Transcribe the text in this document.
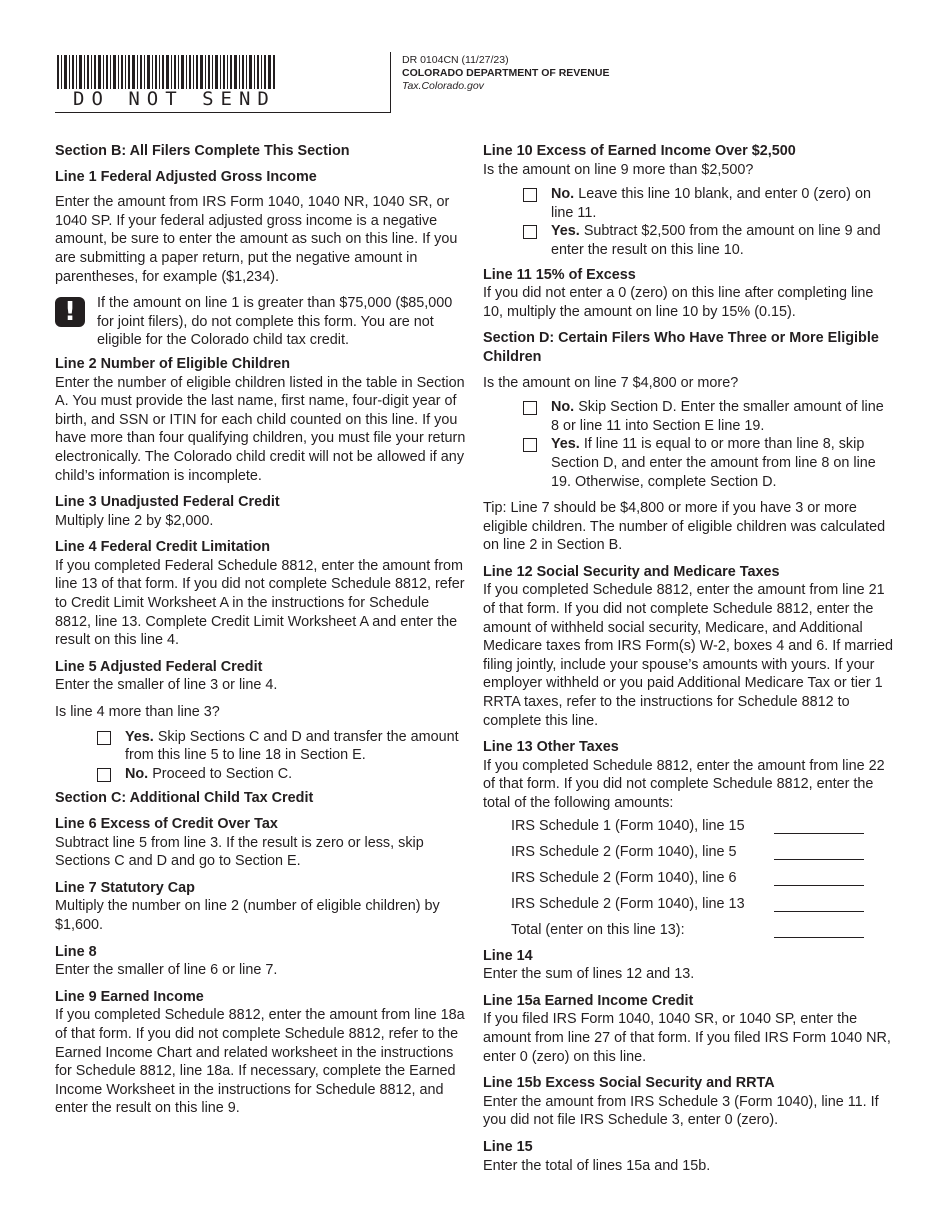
DO NOT SEND
DR 0104CN (11/27/23)
COLORADO DEPARTMENT OF REVENUE
Tax.Colorado.gov

Section B: All Filers Complete This Section

Line 1 Federal Adjusted Gross Income

Enter the amount from IRS Form 1040, 1040 NR, 1040 SR, or 1040 SP. If your federal adjusted gross income is a negative amount, be sure to enter the amount as such on this line. If you are submitting a paper return, put the negative amount in parentheses, for example ($1,234).

!	If the amount on line 1 is greater than $75,000 ($85,000 for joint filers), do not complete this form. You are not eligible for the Colorado child tax credit.

Line 2 Number of Eligible Children

Enter the number of eligible children listed in the table in Section A. You must provide the last name, first name, four-digit year of birth, and SSN or ITIN for each child counted on this line. If you have more than four qualifying children, you must file your return electronically. The Colorado child credit will not be allowed if any child’s information is incomplete.

Line 3 Unadjusted Federal Credit

Multiply line 2 by $2,000.

Line 4 Federal Credit Limitation

If you completed Federal Schedule 8812, enter the amount from line 13 of that form. If you did not complete Schedule 8812, refer to Credit Limit Worksheet A in the instructions for Schedule 8812, line 13. Complete Credit Limit Worksheet A and enter the result on this line 4.

Line 5 Adjusted Federal Credit

Enter the smaller of line 3 or line 4.

Is line 4 more than line 3?

Yes. Skip Sections C and D and transfer the amount from this line 5 to line 18 in Section E.
No. Proceed to Section C.

Section C: Additional Child Tax Credit

Line 6 Excess of Credit Over Tax

Subtract line 5 from line 3. If the result is zero or less, skip Sections C and D and go to Section E.

Line 7 Statutory Cap

Multiply the number on line 2 (number of eligible children) by $1,600.

Line 8

Enter the smaller of line 6 or line 7.

Line 9 Earned Income

If you completed Schedule 8812, enter the amount from line 18a of that form. If you did not complete Schedule 8812, refer to the Earned Income Chart and related worksheet in the instructions for Schedule 8812, line 18a. If necessary, complete the Earned Income Worksheet in the instructions for Schedule 8812, and enter the result on this line 9.

Line 10 Excess of Earned Income Over $2,500

Is the amount on line 9 more than $2,500?

No. Leave this line 10 blank, and enter 0 (zero) on line 11.
Yes. Subtract $2,500 from the amount on line 9 and enter the result on this line 10.

Line 11 15% of Excess

If you did not enter a 0 (zero) on this line after completing line 10, multiply the amount on line 10 by 15% (0.15).

Section D: Certain Filers Who Have Three or More Eligible Children

Is the amount on line 7 $4,800 or more?

No. Skip Section D. Enter the smaller amount of line 8 or line 11 into Section E line 19.
Yes. If line 11 is equal to or more than line 8, skip Section D, and enter the amount from line 8 on line 19. Otherwise, complete Section D.

Tip: Line 7 should be $4,800 or more if you have 3 or more eligible children. The number of eligible children was calculated on line 2 in Section B.

Line 12 Social Security and Medicare Taxes

If you completed Schedule 8812, enter the amount from line 21 of that form. If you did not complete Schedule 8812, enter the amount of withheld social security, Medicare, and Additional Medicare taxes from IRS Form(s) W-2, boxes 4 and 6. If married filing jointly, include your spouse’s amounts with yours. If your employer withheld or you paid Additional Medicare Tax or tier 1 RRTA taxes, refer to the instructions for Schedule 8812 to complete this line.

Line 13 Other Taxes

If you completed Schedule 8812, enter the amount from line 22 of that form. If you did not complete Schedule 8812, enter the total of the following amounts:

IRS Schedule 1 (Form 1040), line 15
IRS Schedule 2 (Form 1040), line 5
IRS Schedule 2 (Form 1040), line 6
IRS Schedule 2 (Form 1040), line 13
Total (enter on this line 13):

Line 14

Enter the sum of lines 12 and 13.

Line 15a Earned Income Credit

If you filed IRS Form 1040, 1040 SR, or 1040 SP, enter the amount from line 27 of that form. If you filed IRS Form 1040 NR, enter 0 (zero) on this line.

Line 15b Excess Social Security and RRTA

Enter the amount from IRS Schedule 3 (Form 1040), line 11. If you did not file IRS Schedule 3, enter 0 (zero).

Line 15

Enter the total of lines 15a and 15b.
